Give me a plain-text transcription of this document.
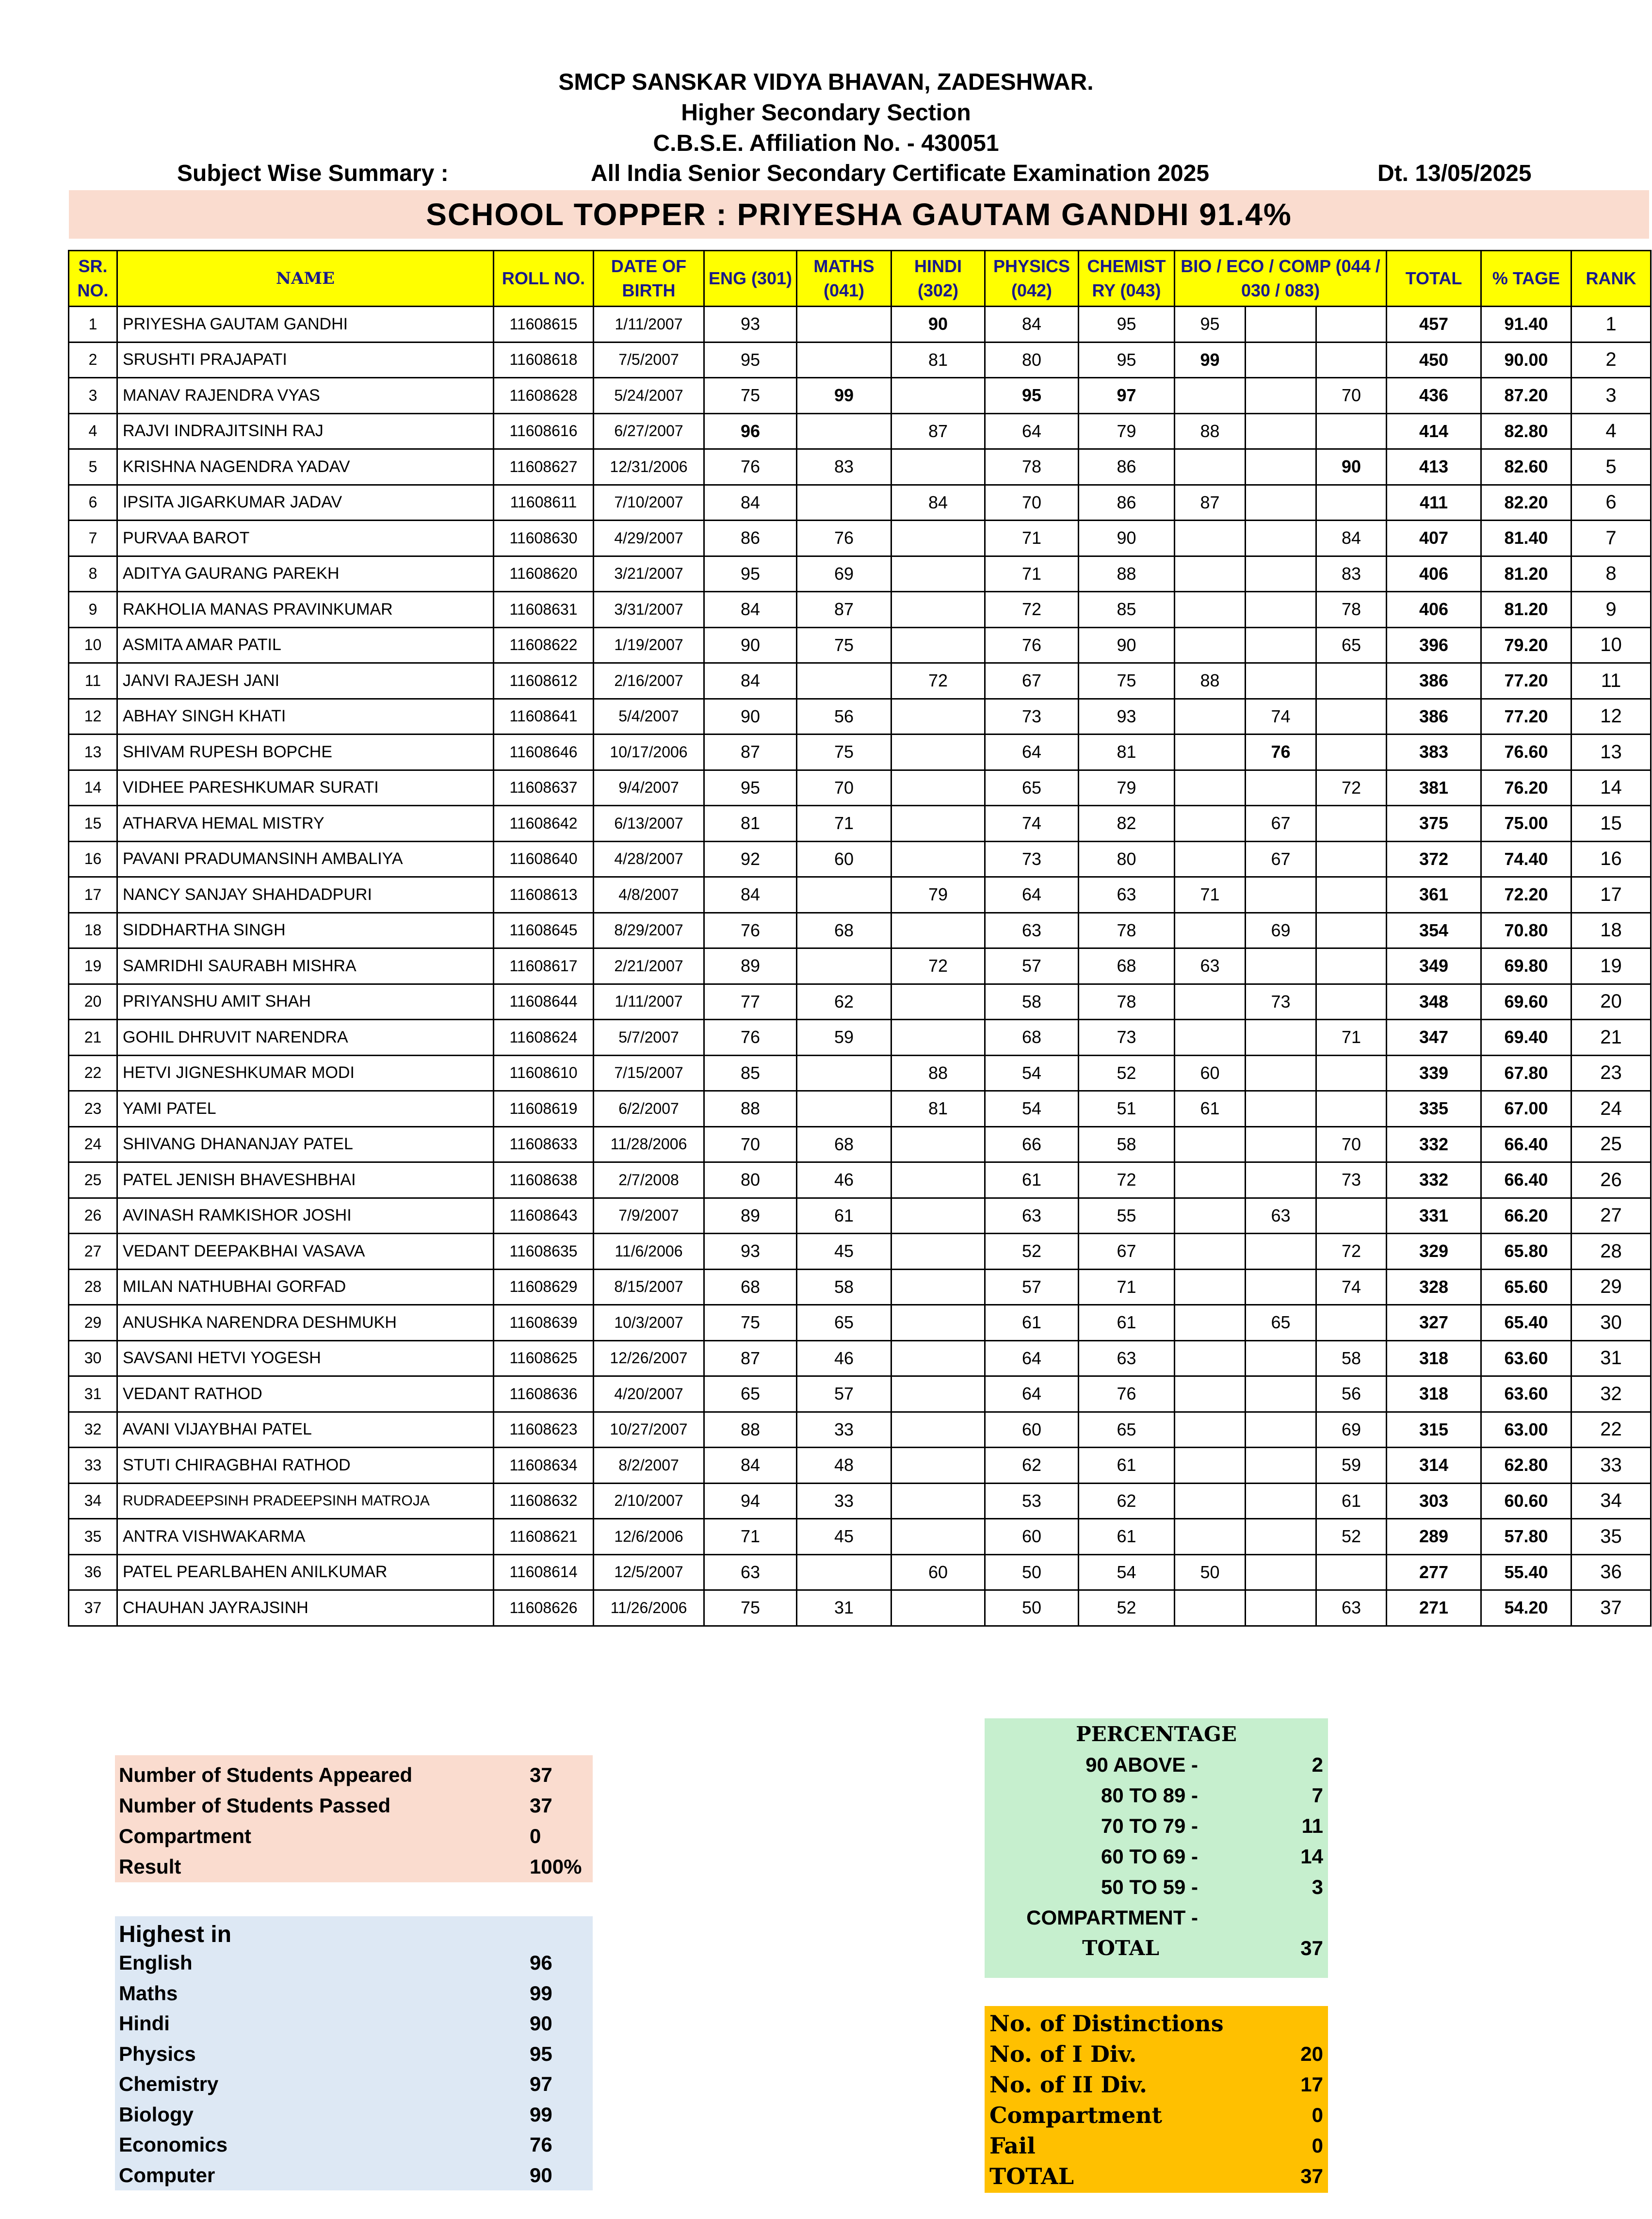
SMCP SANSKAR VIDYA BHAVAN, ZADESHWAR.
Higher Secondary Section
C.B.S.E. Affiliation No. - 430051
Subject Wise Summary :	All India Senior Secondary Certificate Examination 2025	Dt. 13/05/2025
SCHOOL TOPPER : PRIYESHA GAUTAM GANDHI 91.4%
SR. NO.	NAME	ROLL NO.	DATE OF BIRTH	ENG (301)	MATHS (041)	HINDI (302)	PHYSICS (042)	CHEMIST RY (043)	BIO / ECO / COMP (044 / 030 / 083)			TOTAL	% TAGE	RANK
1	PRIYESHA GAUTAM GANDHI	11608615	1/11/2007	93		90	84	95	95			457	91.40	1
2	SRUSHTI PRAJAPATI	11608618	7/5/2007	95		81	80	95	99			450	90.00	2
3	MANAV RAJENDRA VYAS	11608628	5/24/2007	75	99		95	97			70	436	87.20	3
4	RAJVI INDRAJITSINH RAJ	11608616	6/27/2007	96		87	64	79	88			414	82.80	4
5	KRISHNA NAGENDRA YADAV	11608627	12/31/2006	76	83		78	86			90	413	82.60	5
6	IPSITA JIGARKUMAR JADAV	11608611	7/10/2007	84		84	70	86	87			411	82.20	6
7	PURVAA BAROT	11608630	4/29/2007	86	76		71	90			84	407	81.40	7
8	ADITYA GAURANG PAREKH	11608620	3/21/2007	95	69		71	88			83	406	81.20	8
9	RAKHOLIA MANAS PRAVINKUMAR	11608631	3/31/2007	84	87		72	85			78	406	81.20	9
10	ASMITA AMAR PATIL	11608622	1/19/2007	90	75		76	90			65	396	79.20	10
11	JANVI RAJESH JANI	11608612	2/16/2007	84		72	67	75	88			386	77.20	11
12	ABHAY SINGH KHATI	11608641	5/4/2007	90	56		73	93		74		386	77.20	12
13	SHIVAM RUPESH BOPCHE	11608646	10/17/2006	87	75		64	81		76		383	76.60	13
14	VIDHEE PARESHKUMAR SURATI	11608637	9/4/2007	95	70		65	79			72	381	76.20	14
15	ATHARVA HEMAL MISTRY	11608642	6/13/2007	81	71		74	82		67		375	75.00	15
16	PAVANI PRADUMANSINH AMBALIYA	11608640	4/28/2007	92	60		73	80		67		372	74.40	16
17	NANCY SANJAY SHAHDADPURI	11608613	4/8/2007	84		79	64	63	71			361	72.20	17
18	SIDDHARTHA SINGH	11608645	8/29/2007	76	68		63	78		69		354	70.80	18
19	SAMRIDHI SAURABH MISHRA	11608617	2/21/2007	89		72	57	68	63			349	69.80	19
20	PRIYANSHU AMIT SHAH	11608644	1/11/2007	77	62		58	78		73		348	69.60	20
21	GOHIL DHRUVIT NARENDRA	11608624	5/7/2007	76	59		68	73			71	347	69.40	21
22	HETVI JIGNESHKUMAR MODI	11608610	7/15/2007	85		88	54	52	60			339	67.80	23
23	YAMI PATEL	11608619	6/2/2007	88		81	54	51	61			335	67.00	24
24	SHIVANG DHANANJAY PATEL	11608633	11/28/2006	70	68		66	58			70	332	66.40	25
25	PATEL JENISH BHAVESHBHAI	11608638	2/7/2008	80	46		61	72			73	332	66.40	26
26	AVINASH RAMKISHOR JOSHI	11608643	7/9/2007	89	61		63	55		63		331	66.20	27
27	VEDANT DEEPAKBHAI VASAVA	11608635	11/6/2006	93	45		52	67			72	329	65.80	28
28	MILAN NATHUBHAI GORFAD	11608629	8/15/2007	68	58		57	71			74	328	65.60	29
29	ANUSHKA NARENDRA DESHMUKH	11608639	10/3/2007	75	65		61	61		65		327	65.40	30
30	SAVSANI HETVI YOGESH	11608625	12/26/2007	87	46		64	63			58	318	63.60	31
31	VEDANT RATHOD	11608636	4/20/2007	65	57		64	76			56	318	63.60	32
32	AVANI VIJAYBHAI PATEL	11608623	10/27/2007	88	33		60	65			69	315	63.00	22
33	STUTI CHIRAGBHAI RATHOD	11608634	8/2/2007	84	48		62	61			59	314	62.80	33
34	RUDRADEEPSINH PRADEEPSINH MATROJA	11608632	2/10/2007	94	33		53	62			61	303	60.60	34
35	ANTRA VISHWAKARMA	11608621	12/6/2006	71	45		60	61			52	289	57.80	35
36	PATEL PEARLBAHEN ANILKUMAR	11608614	12/5/2007	63		60	50	54	50			277	55.40	36
37	CHAUHAN JAYRAJSINH	11608626	11/26/2006	75	31		50	52			63	271	54.20	37
Number of Students Appeared	37
Number of Students Passed	37
Compartment	0
Result	100%
Highest in
English	96
Maths	99
Hindi	90
Physics	95
Chemistry	97
Biology	99
Economics	76
Computer	90
PERCENTAGE
90 ABOVE -	2
80 TO 89 -	7
70 TO 79 -	11
60 TO 69 -	14
50 TO 59 -	3
COMPARTMENT -
TOTAL	37
No. of Distinctions
No. of I Div.	20
No. of II Div.	17
Compartment	0
Fail	0
TOTAL	37
